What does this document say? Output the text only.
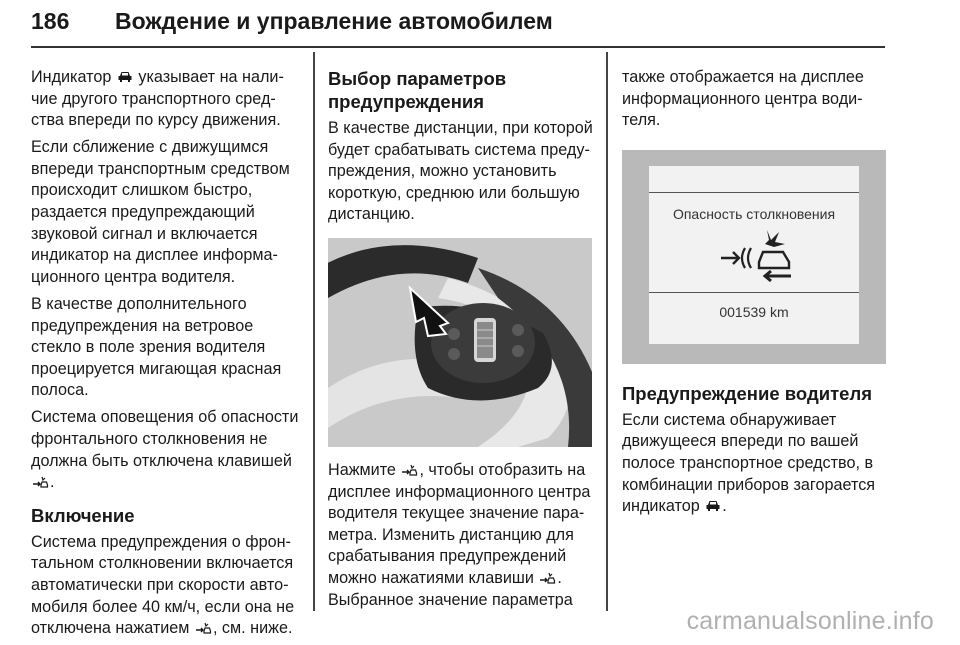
186 Вождение и управление автомобилем

Индикатор указывает на нали-
чие другого транспортного сред-
ства впереди по курсу движения.

Если сближение с движущимся
впереди транспортным средством
происходит слишком быстро,
раздается предупреждающий
звуковой сигнал и включается
индикатор на дисплее информа-
ционного центра водителя.

В качестве дополнительного
предупреждения на ветровое
стекло в поле зрения водителя
проецируется мигающая красная
полоса.

Система оповещения об опасности
фронтального столкновения не
должна быть отключена клавишей
.

Включение

Система предупреждения о фрон-
тальном столкновении включается
автоматически при скорости авто-
мобиля более 40 км/ч, если она не
отключена нажатием , см. ниже.

Выбор параметров
предупреждения

В качестве дистанции, при которой
будет срабатывать система преду-
преждения, можно установить
короткую, среднюю или большую
дистанцию.

Нажмите , чтобы отобразить на
дисплее информационного центра
водителя текущее значение пара-
метра. Изменить дистанцию для
срабатывания предупреждений
можно нажатиями клавиши .
Выбранное значение параметра

также отображается на дисплее
информационного центра води-
теля.

Опасность столкновения
001539 km
Предупреждение водителя

Если система обнаруживает
движущееся впереди по вашей
полосе транспортное средство, в
комбинации приборов загорается
индикатор .

carmanualsonline.info
